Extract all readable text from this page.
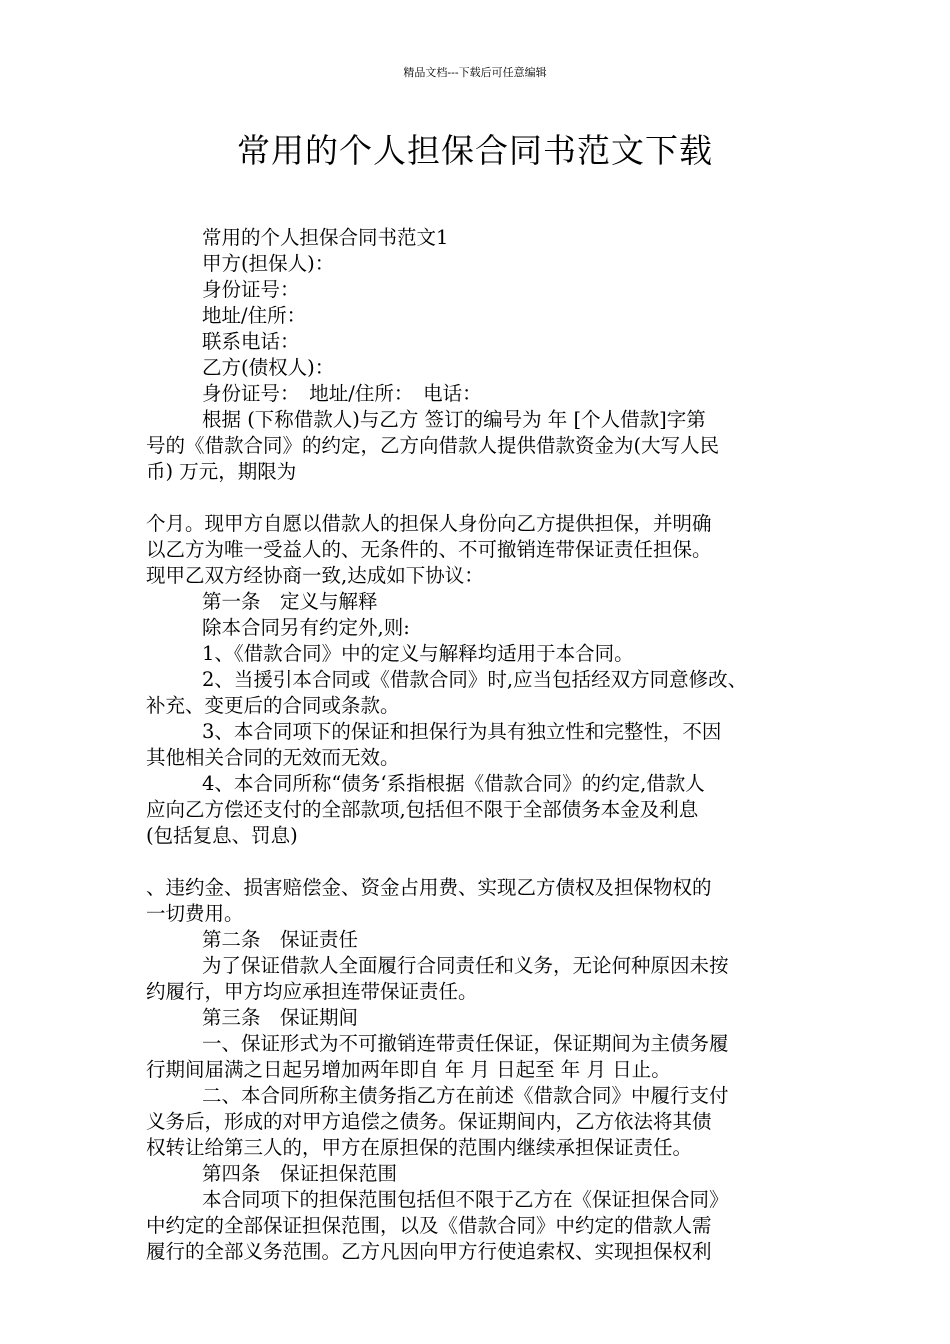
精品文档---下载后可任意编辑
常用的个人担保合同书范文下载
常用的个人担保合同书范文1
甲方(担保人)：
身份证号：
地址/住所：
联系电话：
乙方(债权人)：
身份证号：　地址/住所：　电话：
根据 (下称借款人)与乙方 签订的编号为 年 [个人借款]字第
号的《借款合同》的约定，乙方向借款人提供借款资金为(大写人民
币) 万元，期限为
个月。现甲方自愿以借款人的担保人身份向乙方提供担保，并明确
以乙方为唯一受益人的、无条件的、不可撤销连带保证责任担保。
现甲乙双方经协商一致,达成如下协议：
第一条　定义与解释
除本合同另有约定外,则:
1、《借款合同》中的定义与解释均适用于本合同。
2、当援引本合同或《借款合同》时,应当包括经双方同意修改、
补充、变更后的合同或条款。
3、本合同项下的保证和担保行为具有独立性和完整性，不因
其他相关合同的无效而无效。
4、本合同所称“债务‘系指根据《借款合同》的约定,借款人
应向乙方偿还支付的全部款项,包括但不限于全部债务本金及利息
(包括复息、罚息)
、违约金、损害赔偿金、资金占用费、实现乙方债权及担保物权的
一切费用。
第二条　保证责任
为了保证借款人全面履行合同责任和义务，无论何种原因未按
约履行，甲方均应承担连带保证责任。
第三条　保证期间
一、保证形式为不可撤销连带责任保证，保证期间为主债务履
行期间届满之日起另增加两年即自 年 月 日起至 年 月 日止。
二、本合同所称主债务指乙方在前述《借款合同》中履行支付
义务后，形成的对甲方追偿之债务。保证期间内，乙方依法将其债
权转让给第三人的，甲方在原担保的范围内继续承担保证责任。
第四条　保证担保范围
本合同项下的担保范围包括但不限于乙方在《保证担保合同》
中约定的全部保证担保范围，以及《借款合同》中约定的借款人需
履行的全部义务范围。乙方凡因向甲方行使追索权、实现担保权利
